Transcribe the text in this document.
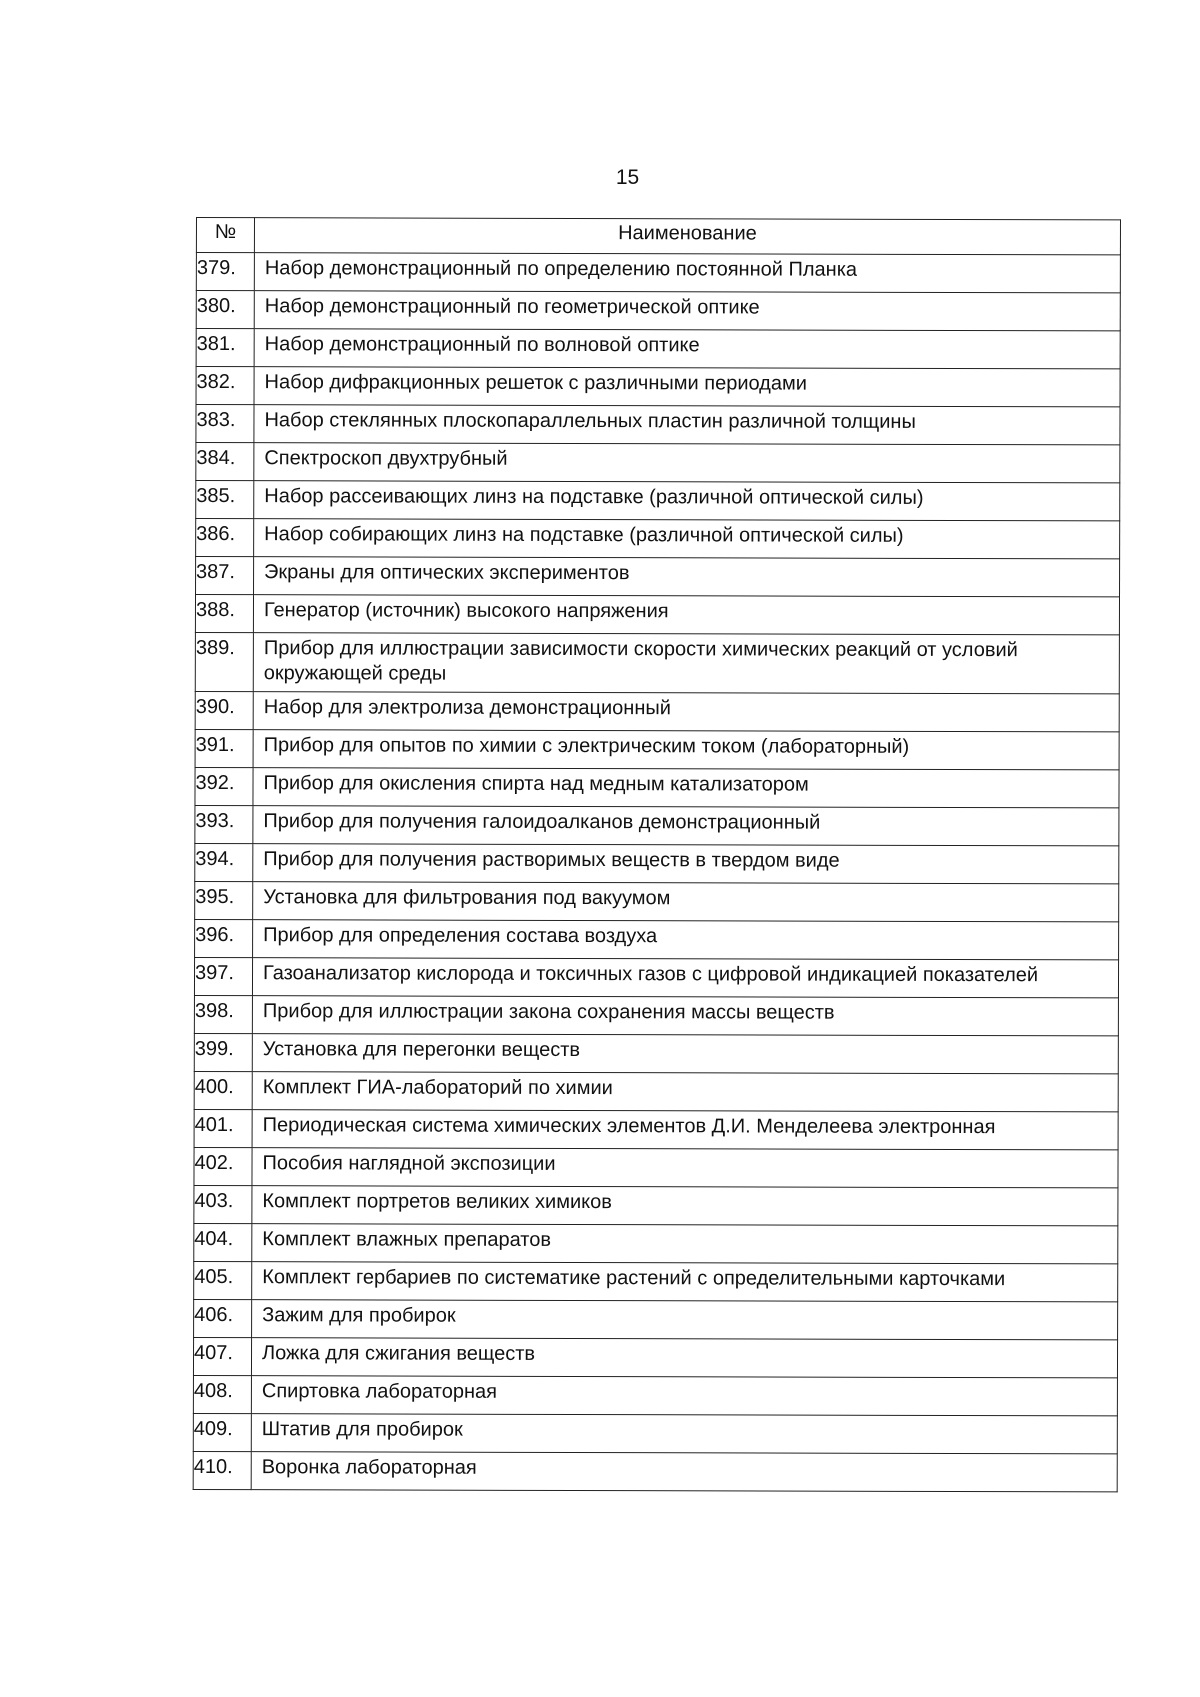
15
№	Наименование
379.	Набор демонстрационный по определению постоянной Планка
380.	Набор демонстрационный по геометрической оптике
381.	Набор демонстрационный по волновой оптике
382.	Набор дифракционных решеток с различными периодами
383.	Набор стеклянных плоскопараллельных пластин различной толщины
384.	Спектроскоп двухтрубный
385.	Набор рассеивающих линз на подставке (различной оптической силы)
386.	Набор собирающих линз на подставке (различной оптической силы)
387.	Экраны для оптических экспериментов
388.	Генератор (источник) высокого напряжения
389.	Прибор для иллюстрации зависимости скорости химических реакций от условий окружающей среды
390.	Набор для электролиза демонстрационный
391.	Прибор для опытов по химии с электрическим током (лабораторный)
392.	Прибор для окисления спирта над медным катализатором
393.	Прибор для получения галоидоалканов демонстрационный
394.	Прибор для получения растворимых веществ в твердом виде
395.	Установка для фильтрования под вакуумом
396.	Прибор для определения состава воздуха
397.	Газоанализатор кислорода и токсичных газов с цифровой индикацией показателей
398.	Прибор для иллюстрации закона сохранения массы веществ
399.	Установка для перегонки веществ
400.	Комплект ГИА-лабораторий по химии
401.	Периодическая система химических элементов Д.И. Менделеева электронная
402.	Пособия наглядной экспозиции
403.	Комплект портретов великих химиков
404.	Комплект влажных препаратов
405.	Комплект гербариев по систематике растений с определительными карточками
406.	Зажим для пробирок
407.	Ложка для сжигания веществ
408.	Спиртовка лабораторная
409.	Штатив для пробирок
410.	Воронка лабораторная
